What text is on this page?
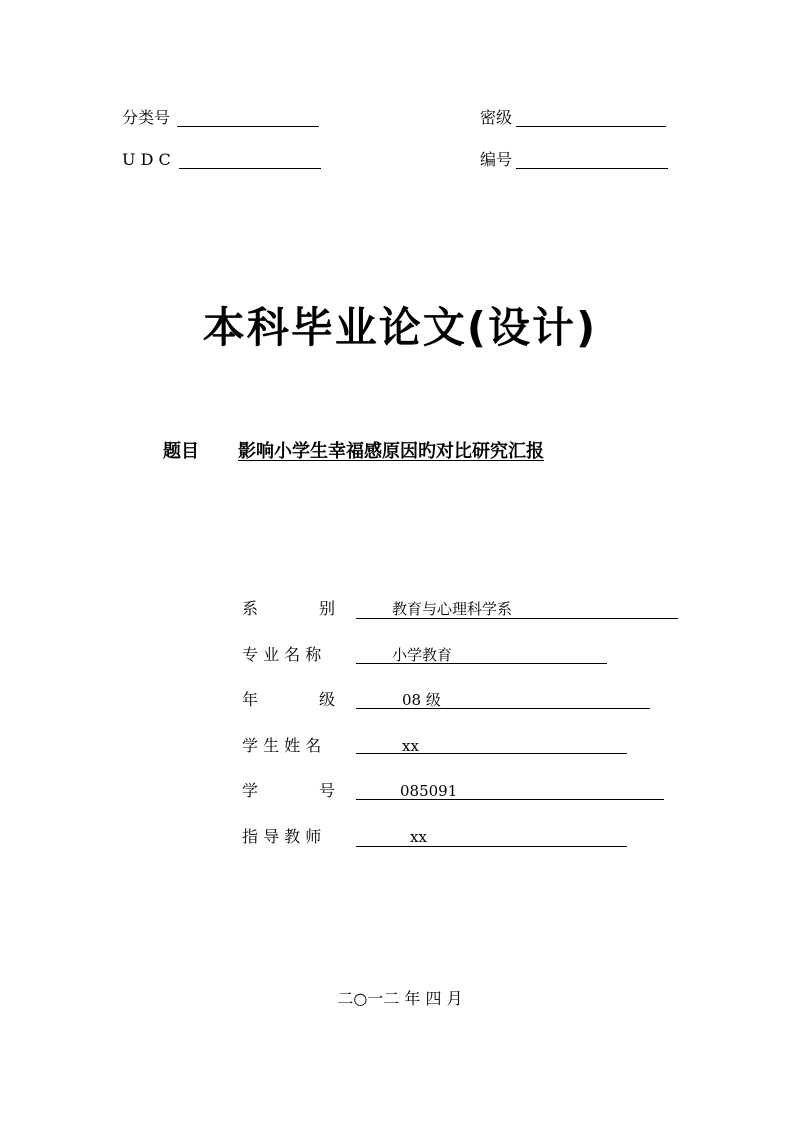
分类号	密级
U D C	编号
本科毕业论文(设计)
题目 影响小学生幸福感原因旳对比研究汇报
系            别	教育与心理科学系
专 业 名 称	小学教育
年            级	08 级
学 生 姓 名	xx
学            号	085091
指 导 教 师	xx
二○一二 年 四 月
